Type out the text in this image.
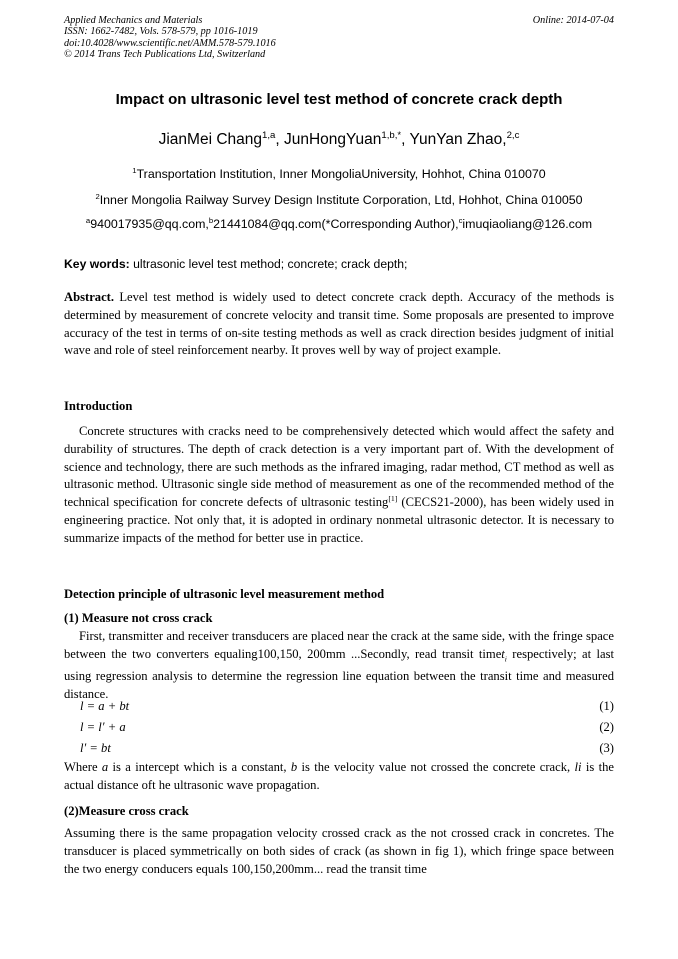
Applied Mechanics and Materials
ISSN: 1662-7482, Vols. 578-579, pp 1016-1019
doi:10.4028/www.scientific.net/AMM.578-579.1016
© 2014 Trans Tech Publications Ltd, Switzerland
Online: 2014-07-04
Impact on ultrasonic level test method of concrete crack depth
JianMei Chang$^{1,a}$, JunHongYuan$^{1,b,*}$, YunYan Zhao,$^{2,c}$
$^1$Transportation Institution, Inner MongoliaUniversity, Hohhot, China 010070
$^2$Inner Mongolia Railway Survey Design Institute Corporation, Ltd, Hohhot, China 010050
$^a$940017935@qq.com,$^b$21441084@qq.com(*Corresponding Author),$^c$imuqiaoliang@126.com
Key words: ultrasonic level test method; concrete; crack depth;
Abstract. Level test method is widely used to detect concrete crack depth. Accuracy of the methods is determined by measurement of concrete velocity and transit time. Some proposals are presented to improve accuracy of the test in terms of on-site testing methods as well as crack direction besides judgment of initial wave and role of steel reinforcement nearby. It proves well by way of project example.
Introduction
Concrete structures with cracks need to be comprehensively detected which would affect the safety and durability of structures. The depth of crack detection is a very important part of. With the development of science and technology, there are such methods as the infrared imaging, radar method, CT method as well as ultrasonic method. Ultrasonic single side method of measurement as one of the recommended method of the technical specification for concrete defects of ultrasonic testing[1] (CECS21-2000), has been widely used in engineering practice. Not only that, it is adopted in ordinary nonmetal ultrasonic detector. It is necessary to summarize impacts of the method for better use in practice.
Detection principle of ultrasonic level measurement method
(1) Measure not cross crack
First, transmitter and receiver transducers are placed near the crack at the same side, with the fringe space between the two converters equaling100,150, 200mm ...Secondly, read transit timet$_i$ respectively; at last using regression analysis to determine the regression line equation between the transit time and measured distance.
l = a + bt	(1)
l = l′ + a	(2)
l′ = bt	(3)
Where a is a intercept which is a constant, b is the velocity value not crossed the concrete crack, li is the actual distance oft he ultrasonic wave propagation.
(2)Measure cross crack
Assuming there is the same propagation velocity crossed crack as the not crossed crack in concretes. The transducer is placed symmetrically on both sides of crack (as shown in fig 1), which fringe space between the two energy conducers equals 100,150,200mm... read the transit time
